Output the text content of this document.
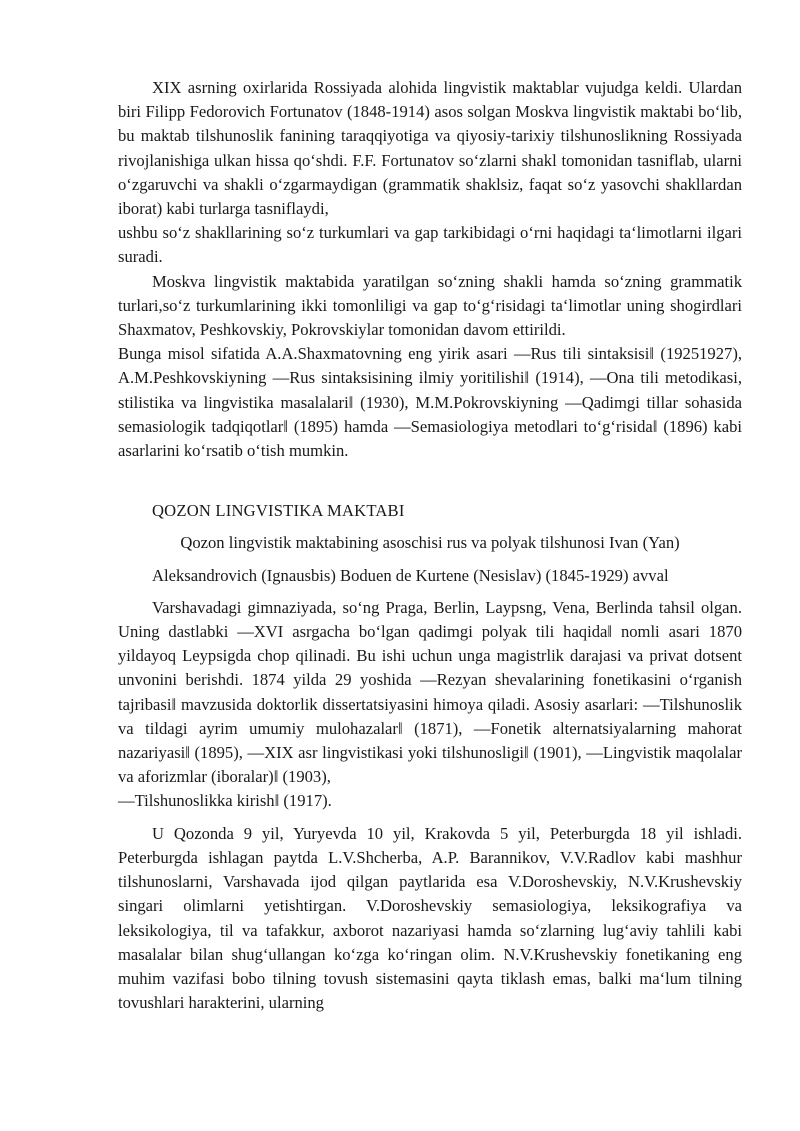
XIX asrning oxirlarida Rossiyada alohida lingvistik maktablar vujudga keldi. Ulardan biri Filipp Fedorovich Fortunatov (1848-1914) asos solgan Moskva lingvistik maktabi bo‘lib, bu maktab tilshunoslik fanining taraqqiyotiga va qiyosiy-tarixiy tilshunoslikning Rossiyada rivojlanishiga ulkan hissa qo‘shdi. F.F. Fortunatov so‘zlarni shakl tomonidan tasniflab, ularni o‘zgaruvchi va shakli o‘zgarmaydigan (grammatik shaklsiz, faqat so‘z yasovchi shakllardan iborat) kabi turlarga tasniflaydi,

ushbu so‘z shakllarining so‘z turkumlari va gap tarkibidagi o‘rni haqidagi ta‘limotlarni ilgari suradi.

Moskva lingvistik maktabida yaratilgan so‘zning shakli hamda so‘zning grammatik turlari,so‘z turkumlarining ikki tomonliligi va gap to‘g‘risidagi ta‘limotlar uning shogirdlari Shaxmatov, Peshkovskiy, Pokrovskiylar tomonidan davom ettirildi.

Bunga misol sifatida A.A.Shaxmatovning eng yirik asari ―Rus tili sintaksisi‖ (19251927), A.M.Peshkovskiyning ―Rus sintaksisining ilmiy yoritilishi‖ (1914), ―Ona tili metodikasi, stilistika va lingvistika masalalari‖ (1930), M.M.Pokrovskiyning ―Qadimgi tillar sohasida semasiologik tadqiqotlar‖ (1895) hamda ―Semasiologiya metodlari to‘g‘risida‖ (1896) kabi asarlarini ko‘rsatib o‘tish mumkin.

QOZON LINGVISTIKA MAKTABI

Qozon lingvistik maktabining asoschisi rus va polyak tilshunosi Ivan (Yan)

Aleksandrovich (Ignausbis) Boduen de Kurtene (Nesislav) (1845-1929) avval

Varshavadagi gimnaziyada, so‘ng Praga, Berlin, Laypsng, Vena, Berlinda tahsil olgan. Uning dastlabki ―XVI asrgacha bo‘lgan qadimgi polyak tili haqida‖ nomli asari 1870 yildayoq Leypsigda chop qilinadi. Bu ishi uchun unga magistrlik darajasi va privat dotsent unvonini berishdi. 1874 yilda 29 yoshida ―Rezyan shevalarining fonetikasini o‘rganish tajribasi‖ mavzusida doktorlik dissertatsiyasini himoya qiladi. Asosiy asarlari: ―Tilshunoslik va tildagi ayrim umumiy mulohazalar‖ (1871), ―Fonetik alternatsiyalarning mahorat nazariyasi‖ (1895), ―XIX asr lingvistikasi yoki tilshunosligi‖ (1901), ―Lingvistik maqolalar va aforizmlar (iboralar)‖ (1903),

―Tilshunoslikka kirish‖ (1917).

U Qozonda 9 yil, Yuryevda 10 yil, Krakovda 5 yil, Peterburgda 18 yil ishladi. Peterburgda ishlagan paytda L.V.Shcherba, A.P. Barannikov, V.V.Radlov kabi mashhur tilshunoslarni, Varshavada ijod qilgan paytlarida esa V.Doroshevskiy, N.V.Krushevskiy singari olimlarni yetishtirgan. V.Doroshevskiy semasiologiya, leksikografiya va leksikologiya, til va tafakkur, axborot nazariyasi hamda so‘zlarning lug‘aviy tahlili kabi masalalar bilan shug‘ullangan ko‘zga ko‘ringan olim. N.V.Krushevskiy fonetikaning eng muhim vazifasi bobo tilning tovush sistemasini qayta tiklash emas, balki ma‘lum tilning tovushlari harakterini, ularning
